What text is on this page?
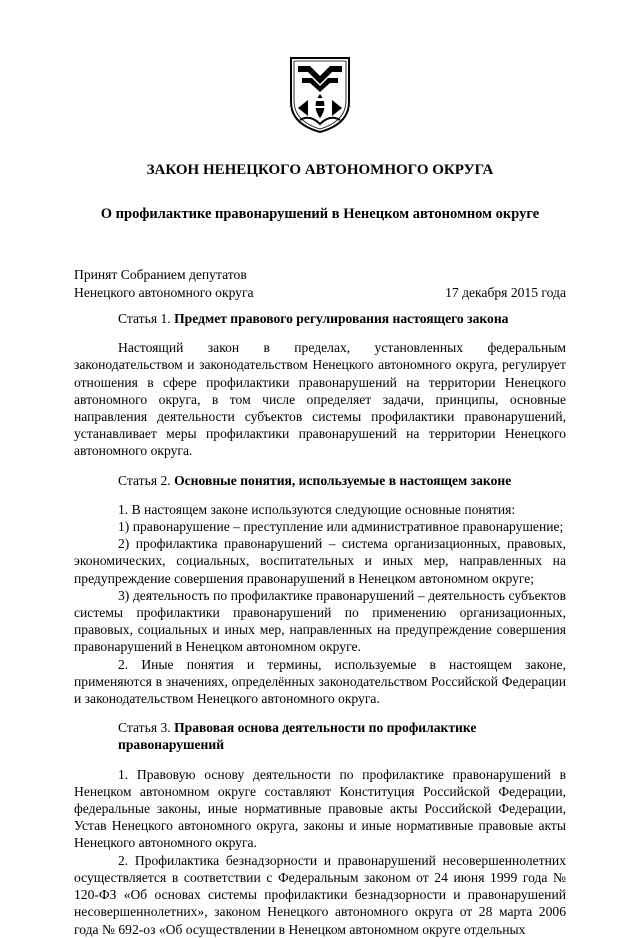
ЗАКОН НЕНЕЦКОГО АВТОНОМНОГО ОКРУГА
О профилактике правонарушений в Ненецком автономном округе
Принят Собранием депутатов
Ненецкого автономного округа	17 декабря 2015 года
Статья 1. Предмет правового регулирования настоящего закона

Настоящий закон в пределах, установленных федеральным законодательством и законодательством Ненецкого автономного округа, регулирует отношения в сфере профилактики правонарушений на территории Ненецкого автономного округа, в том числе определяет задачи, принципы, основные направления деятельности субъектов системы профилактики правонарушений, устанавливает меры профилактики правонарушений на территории Ненецкого автономного округа.

Статья 2. Основные понятия, используемые в настоящем законе

1. В настоящем законе используются следующие основные понятия:

1) правонарушение – преступление или административное правонарушение;

2) профилактика правонарушений – система организационных, правовых, экономических, социальных, воспитательных и иных мер, направленных на предупреждение совершения правонарушений в Ненецком автономном округе;

3) деятельность по профилактике правонарушений – деятельность субъектов системы профилактики правонарушений по применению организационных, правовых, социальных и иных мер, направленных на предупреждение совершения правонарушений в Ненецком автономном округе.

2. Иные понятия и термины, используемые в настоящем законе, применяются в значениях, определённых законодательством Российской Федерации и законодательством Ненецкого автономного округа.

Статья 3. Правовая основа деятельности по профилактике правонарушений

1. Правовую основу деятельности по профилактике правонарушений в Ненецком автономном округе составляют Конституция Российской Федерации, федеральные законы, иные нормативные правовые акты Российской Федерации, Устав Ненецкого автономного округа, законы и иные нормативные правовые акты Ненецкого автономного округа.

2. Профилактика безнадзорности и правонарушений несовершеннолетних осуществляется в соответствии с Федеральным законом от 24 июня 1999 года № 120-ФЗ «Об основах системы профилактики безнадзорности и правонарушений несовершеннолетних», законом Ненецкого автономного округа от 28 марта 2006 года № 692-оз «Об осуществлении в Ненецком автономном округе отдельных
